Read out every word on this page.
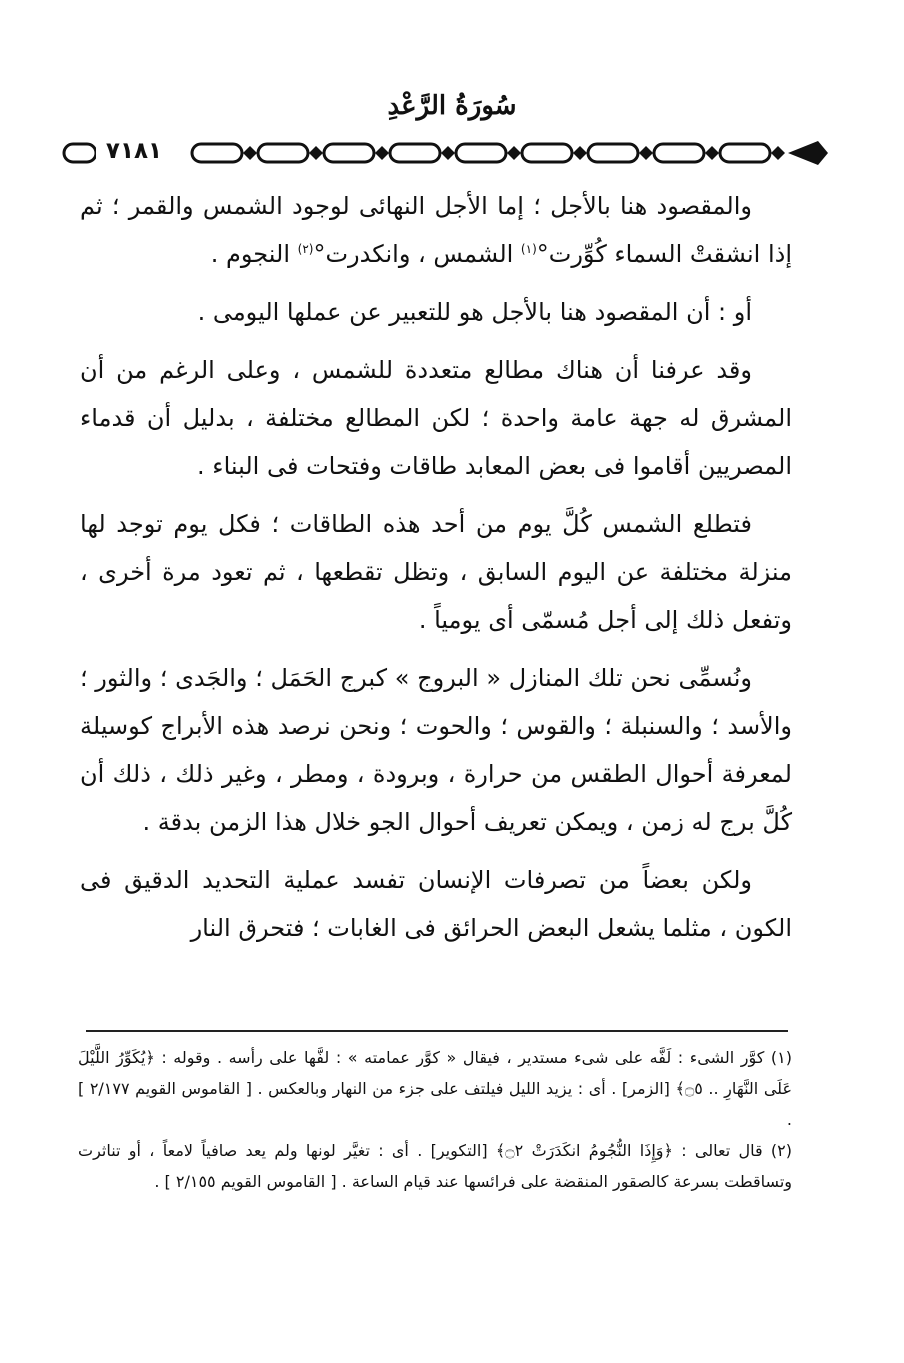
سُورَةُ الرَّعْدِ
٧١٨١

والمقصود هنا بالأجل ؛ إما الأجل النهائى لوجود الشمس والقمر ؛ ثم إذا انشقتْ السماء كُوِّرت°$^{(١)}$ الشمس ، وانكدرت°$^{(٢)}$ النجوم .

أو : أن المقصود هنا بالأجل هو للتعبير عن عملها اليومى .

وقد عرفنا أن هناك مطالع متعددة للشمس ، وعلى الرغم من أن المشرق له جهة عامة واحدة ؛ لكن المطالع مختلفة ، بدليل أن قدماء المصريين أقاموا فى بعض المعابد طاقات وفتحات فى البناء .

فتطلع الشمس كُلَّ يوم من أحد هذه الطاقات ؛ فكل يوم توجد لها منزلة مختلفة عن اليوم السابق ، وتظل تقطعها ، ثم تعود مرة أخرى ، وتفعل ذلك إلى أجل مُسمّى أى يومياً .

ونُسمِّى نحن تلك المنازل « البروج » كبرج الحَمَل ؛ والجَدى ؛ والثور ؛ والأسد ؛ والسنبلة ؛ والقوس ؛ والحوت ؛ ونحن نرصد هذه الأبراج كوسيلة لمعرفة أحوال الطقس من حرارة ، وبرودة ، ومطر ، وغير ذلك ، ذلك أن كُلَّ برج له زمن ، ويمكن تعريف أحوال الجو خلال هذا الزمن بدقة .

ولكن بعضاً من تصرفات الإنسان تفسد عملية التحديد الدقيق فى الكون ، مثلما يشعل البعض الحرائق فى الغابات ؛ فتحرق النار

(١) كوَّر الشىء : لَفَّه على شىء مستدير ، فيقال « كوَّر عمامته » : لفَّها على رأسه . وقوله : ﴿يُكَوِّرُ اللَّيْلَ عَلَى النَّهَارِ .. ۝٥﴾ [الزمر] . أى : يزيد الليل فيلتف على جزء من النهار وبالعكس . [ القاموس القويم ٢/١٧٧ ] .

(٢) قال تعالى : ﴿وَإِذَا النُّجُومُ انكَدَرَتْ ۝٢﴾ [التكوير] . أى : تغيَّر لونها ولم يعد صافياً لامعاً ، أو تناثرت وتساقطت بسرعة كالصقور المنقضة على فرائسها عند قيام الساعة . [ القاموس القويم ٢/١٥٥ ] .
